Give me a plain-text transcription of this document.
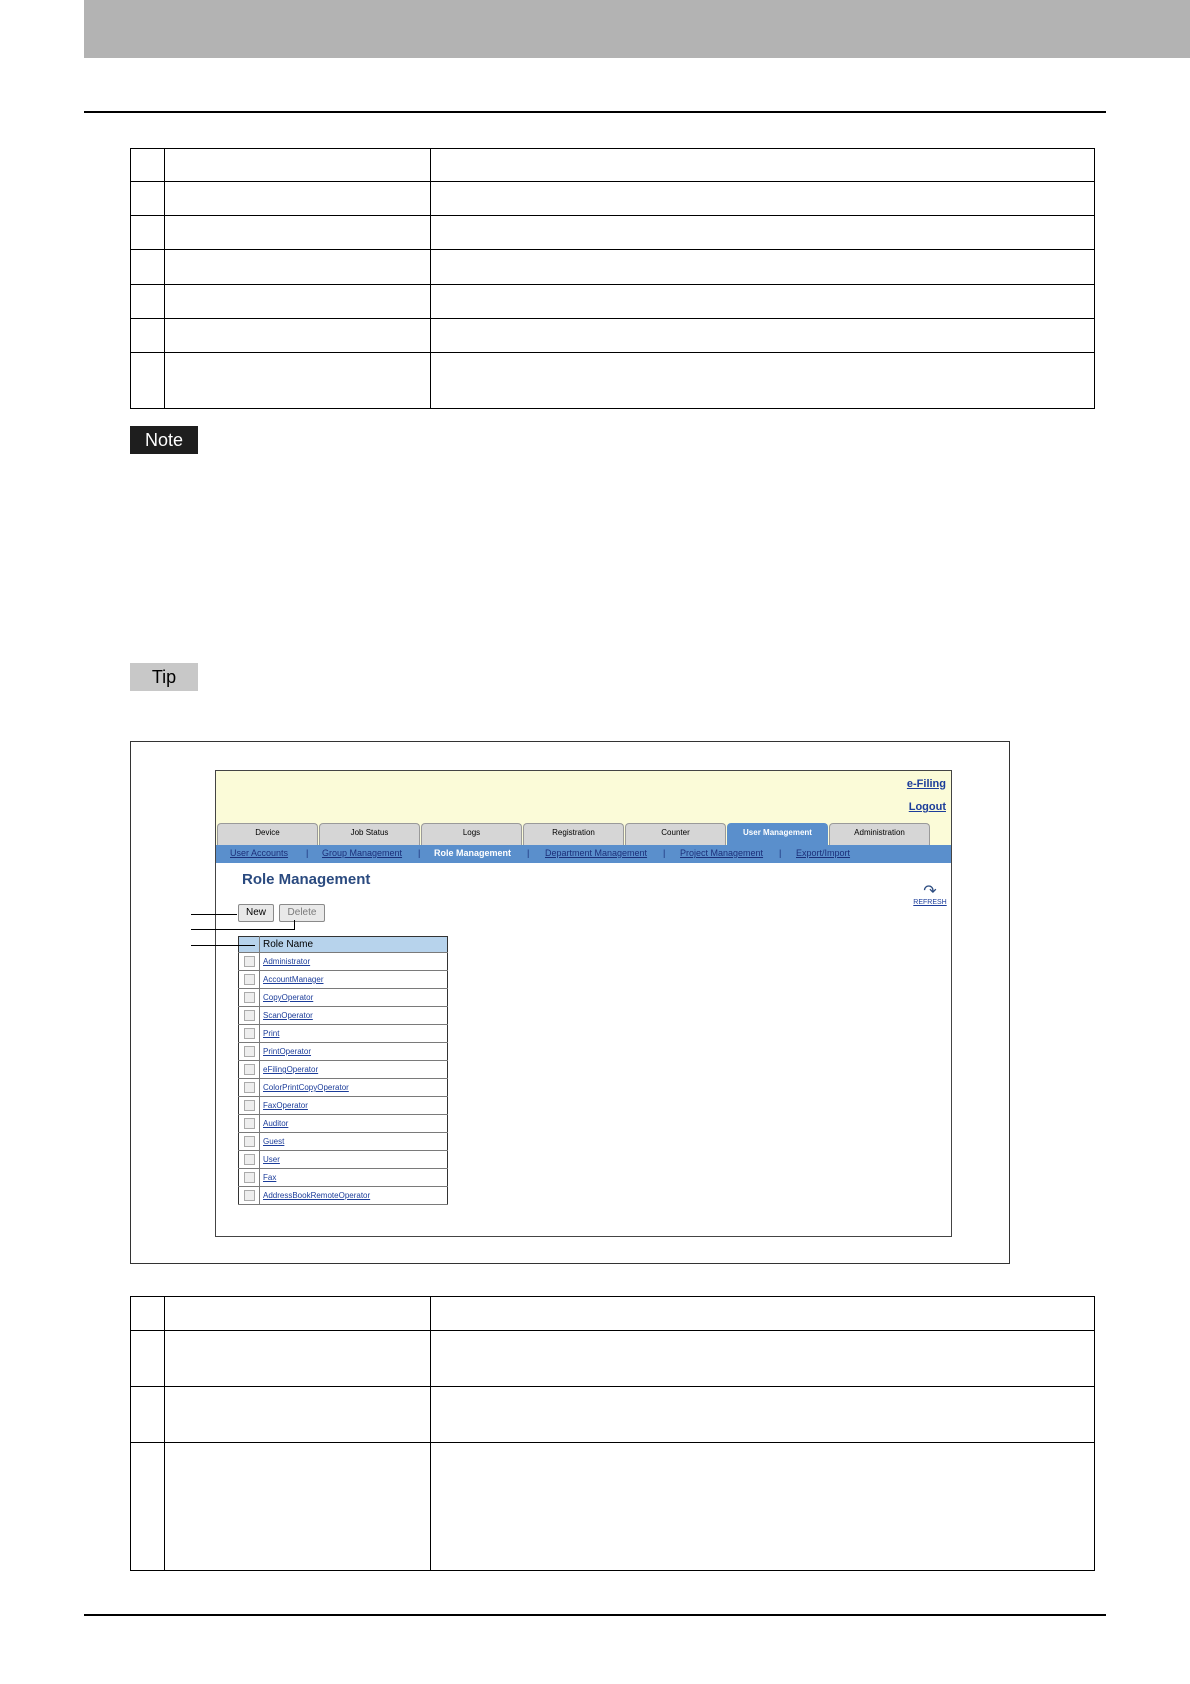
Note
Tip
e-Filing
Logout
Device	Job Status	Logs	Registration	Counter	User Management	Administration
User Accounts | Group Management | Role Management | Department Management | Project Management | Export/Import
Role Management
↷
REFRESH
New	Delete
	Role Name
	Administrator
	AccountManager
	CopyOperator
	ScanOperator
	Print
	PrintOperator
	eFilingOperator
	ColorPrintCopyOperator
	FaxOperator
	Auditor
	Guest
	User
	Fax
	AddressBookRemoteOperator
